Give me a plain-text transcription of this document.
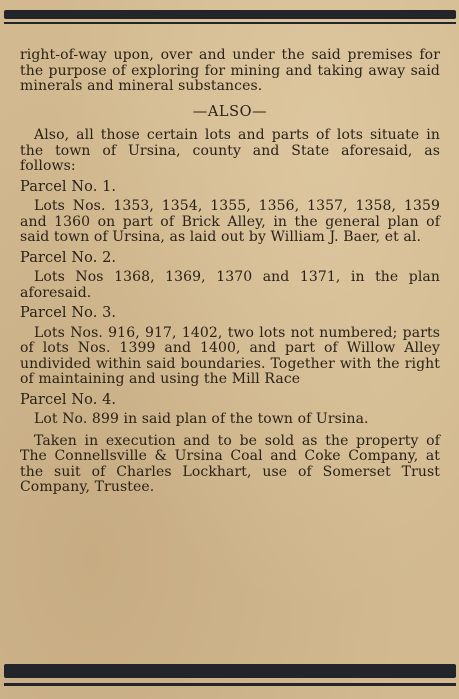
right-of-way upon, over and under the said premises for the purpose of exploring for mining and taking away said minerals and mineral substances.

—ALSO—

Also, all those certain lots and parts of lots situate in the town of Ursina, county and State aforesaid, as follows:

Parcel No. 1.

Lots Nos. 1353, 1354, 1355, 1356, 1357, 1358, 1359 and 1360 on part of Brick Alley, in the general plan of said town of Ursina, as laid out by William J. Baer, et al.

Parcel No. 2.

Lots Nos 1368, 1369, 1370 and 1371, in the plan aforesaid.

Parcel No. 3.

Lots Nos. 916, 917, 1402, two lots not numbered; parts of lots Nos. 1399 and 1400, and part of Willow Alley undivided within said boundaries. Together with the right of maintaining and using the Mill Race

Parcel No. 4.

Lot No. 899 in said plan of the town of Ursina.

Taken in execution and to be sold as the property of The Connellsville & Ursina Coal and Coke Company, at the suit of Charles Lockhart, use of Somerset Trust Company, Trustee.
